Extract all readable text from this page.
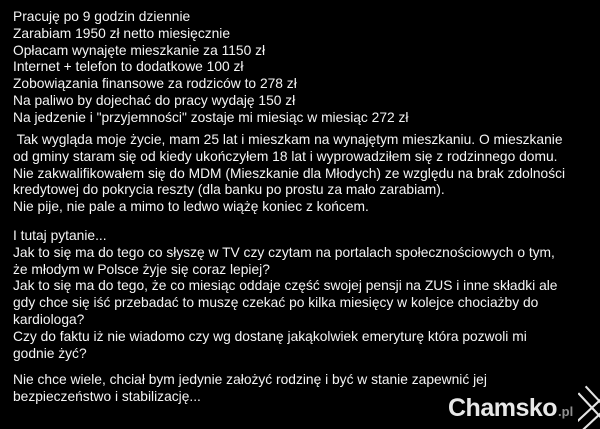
Pracuję po 9 godzin dziennie
Zarabiam 1950 zł netto miesięcznie
Opłacam wynajęte mieszkanie za 1150 zł
Internet + telefon to dodatkowe 100 zł
Zobowiązania finansowe za rodziców to 278 zł
Na paliwo by dojechać do pracy wydaję 150 zł
Na jedzenie i "przyjemności" zostaje mi miesiąc w miesiąc 272 zł
Tak wygląda moje życie, mam 25 lat i mieszkam na wynajętym mieszkaniu. O mieszkanie
od gminy staram się od kiedy ukończyłem 18 lat i wyprowadziłem się z rodzinnego domu.
Nie zakwalifikowałem się do MDM (Mieszkanie dla Młodych) ze względu na brak zdolności
kredytowej do pokrycia reszty (dla banku po prostu za mało zarabiam).
Nie pije, nie pale a mimo to ledwo wiążę koniec z końcem.
I tutaj pytanie...
Jak to się ma do tego co słyszę w TV czy czytam na portalach społecznościowych o tym,
że młodym w Polsce żyje się coraz lepiej?
Jak to się ma do tego, że co miesiąc oddaje część swojej pensji na ZUS i inne składki ale
gdy chce się iść przebadać to muszę czekać po kilka miesięcy w kolejce chociażby do
kardiologa?
Czy do faktu iż nie wiadomo czy wg dostanę jakąkolwiek emeryturę która pozwoli mi
godnie żyć?
Nie chce wiele, chciał bym jedynie założyć rodzinę i być w stanie zapewnić jej
bezpieczeństwo i stabilizację...	Chamsko .pl
